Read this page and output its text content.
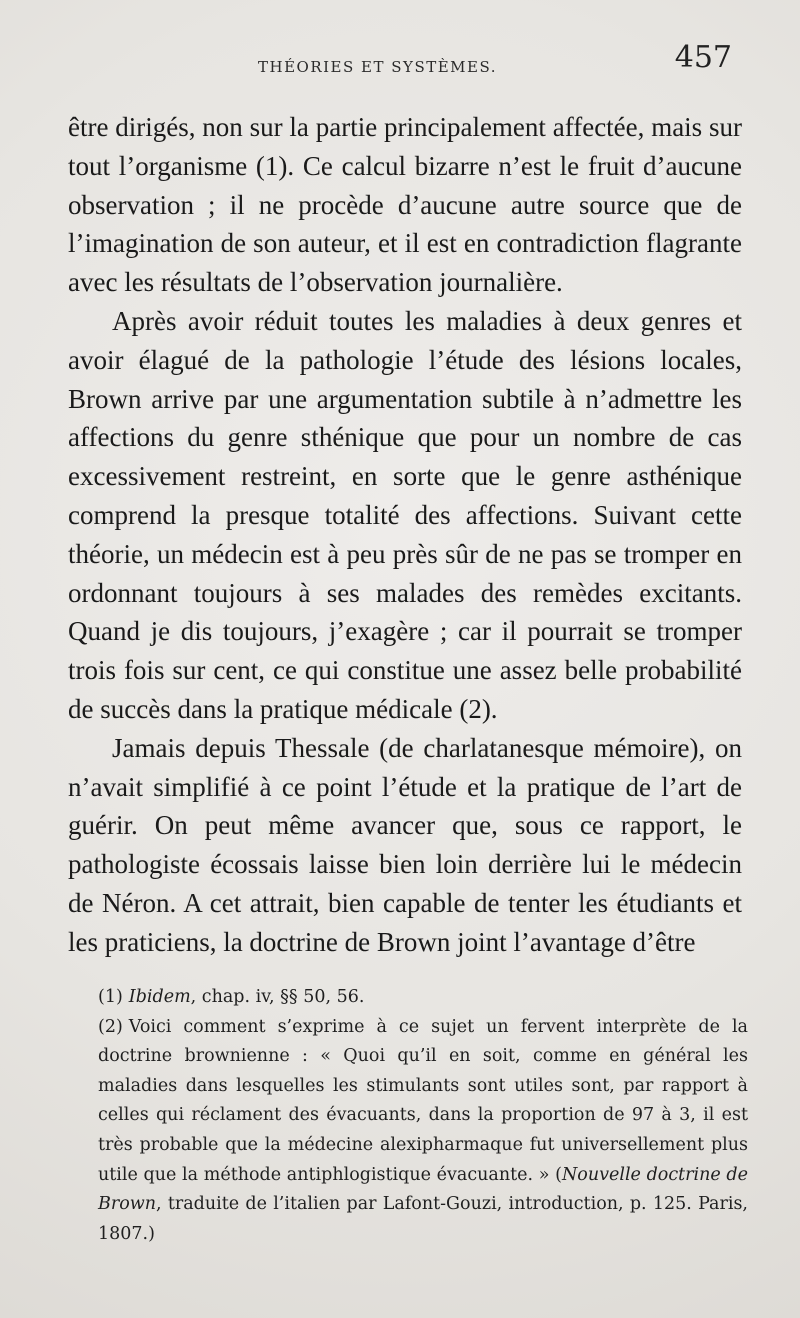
THÉORIES ET SYSTÈMES.	457

être dirigés, non sur la partie principalement affectée, mais sur tout l’organisme (1). Ce calcul bizarre n’est le fruit d’aucune observation ; il ne procède d’aucune autre source que de l’imagination de son auteur, et il est en contradiction flagrante avec les résultats de l’observation journalière.

Après avoir réduit toutes les maladies à deux genres et avoir élagué de la pathologie l’étude des lésions locales, Brown arrive par une argumentation subtile à n’admettre les affections du genre sthénique que pour un nombre de cas excessivement restreint, en sorte que le genre asthénique comprend la presque totalité des affections. Suivant cette théorie, un médecin est à peu près sûr de ne pas se tromper en ordonnant toujours à ses malades des remèdes excitants. Quand je dis toujours, j’exagère ; car il pourrait se tromper trois fois sur cent, ce qui constitue une assez belle probabilité de succès dans la pratique médicale (2).

Jamais depuis Thessale (de charlatanesque mémoire), on n’avait simplifié à ce point l’étude et la pratique de l’art de guérir. On peut même avancer que, sous ce rapport, le pathologiste écossais laisse bien loin derrière lui le médecin de Néron. A cet attrait, bien capable de tenter les étudiants et les praticiens, la doctrine de Brown joint l’avantage d’être

(1) Ibidem, chap. iv, §§ 50, 56.

(2) Voici comment s’exprime à ce sujet un fervent interprète de la doctrine brownienne : « Quoi qu’il en soit, comme en général les maladies dans lesquelles les stimulants sont utiles sont, par rapport à celles qui réclament des évacuants, dans la proportion de 97 à 3, il est très probable que la médecine alexipharmaque fut universellement plus utile que la méthode antiphlogistique évacuante. » (Nouvelle doctrine de Brown, traduite de l’italien par Lafont-Gouzi, introduction, p. 125. Paris, 1807.)
